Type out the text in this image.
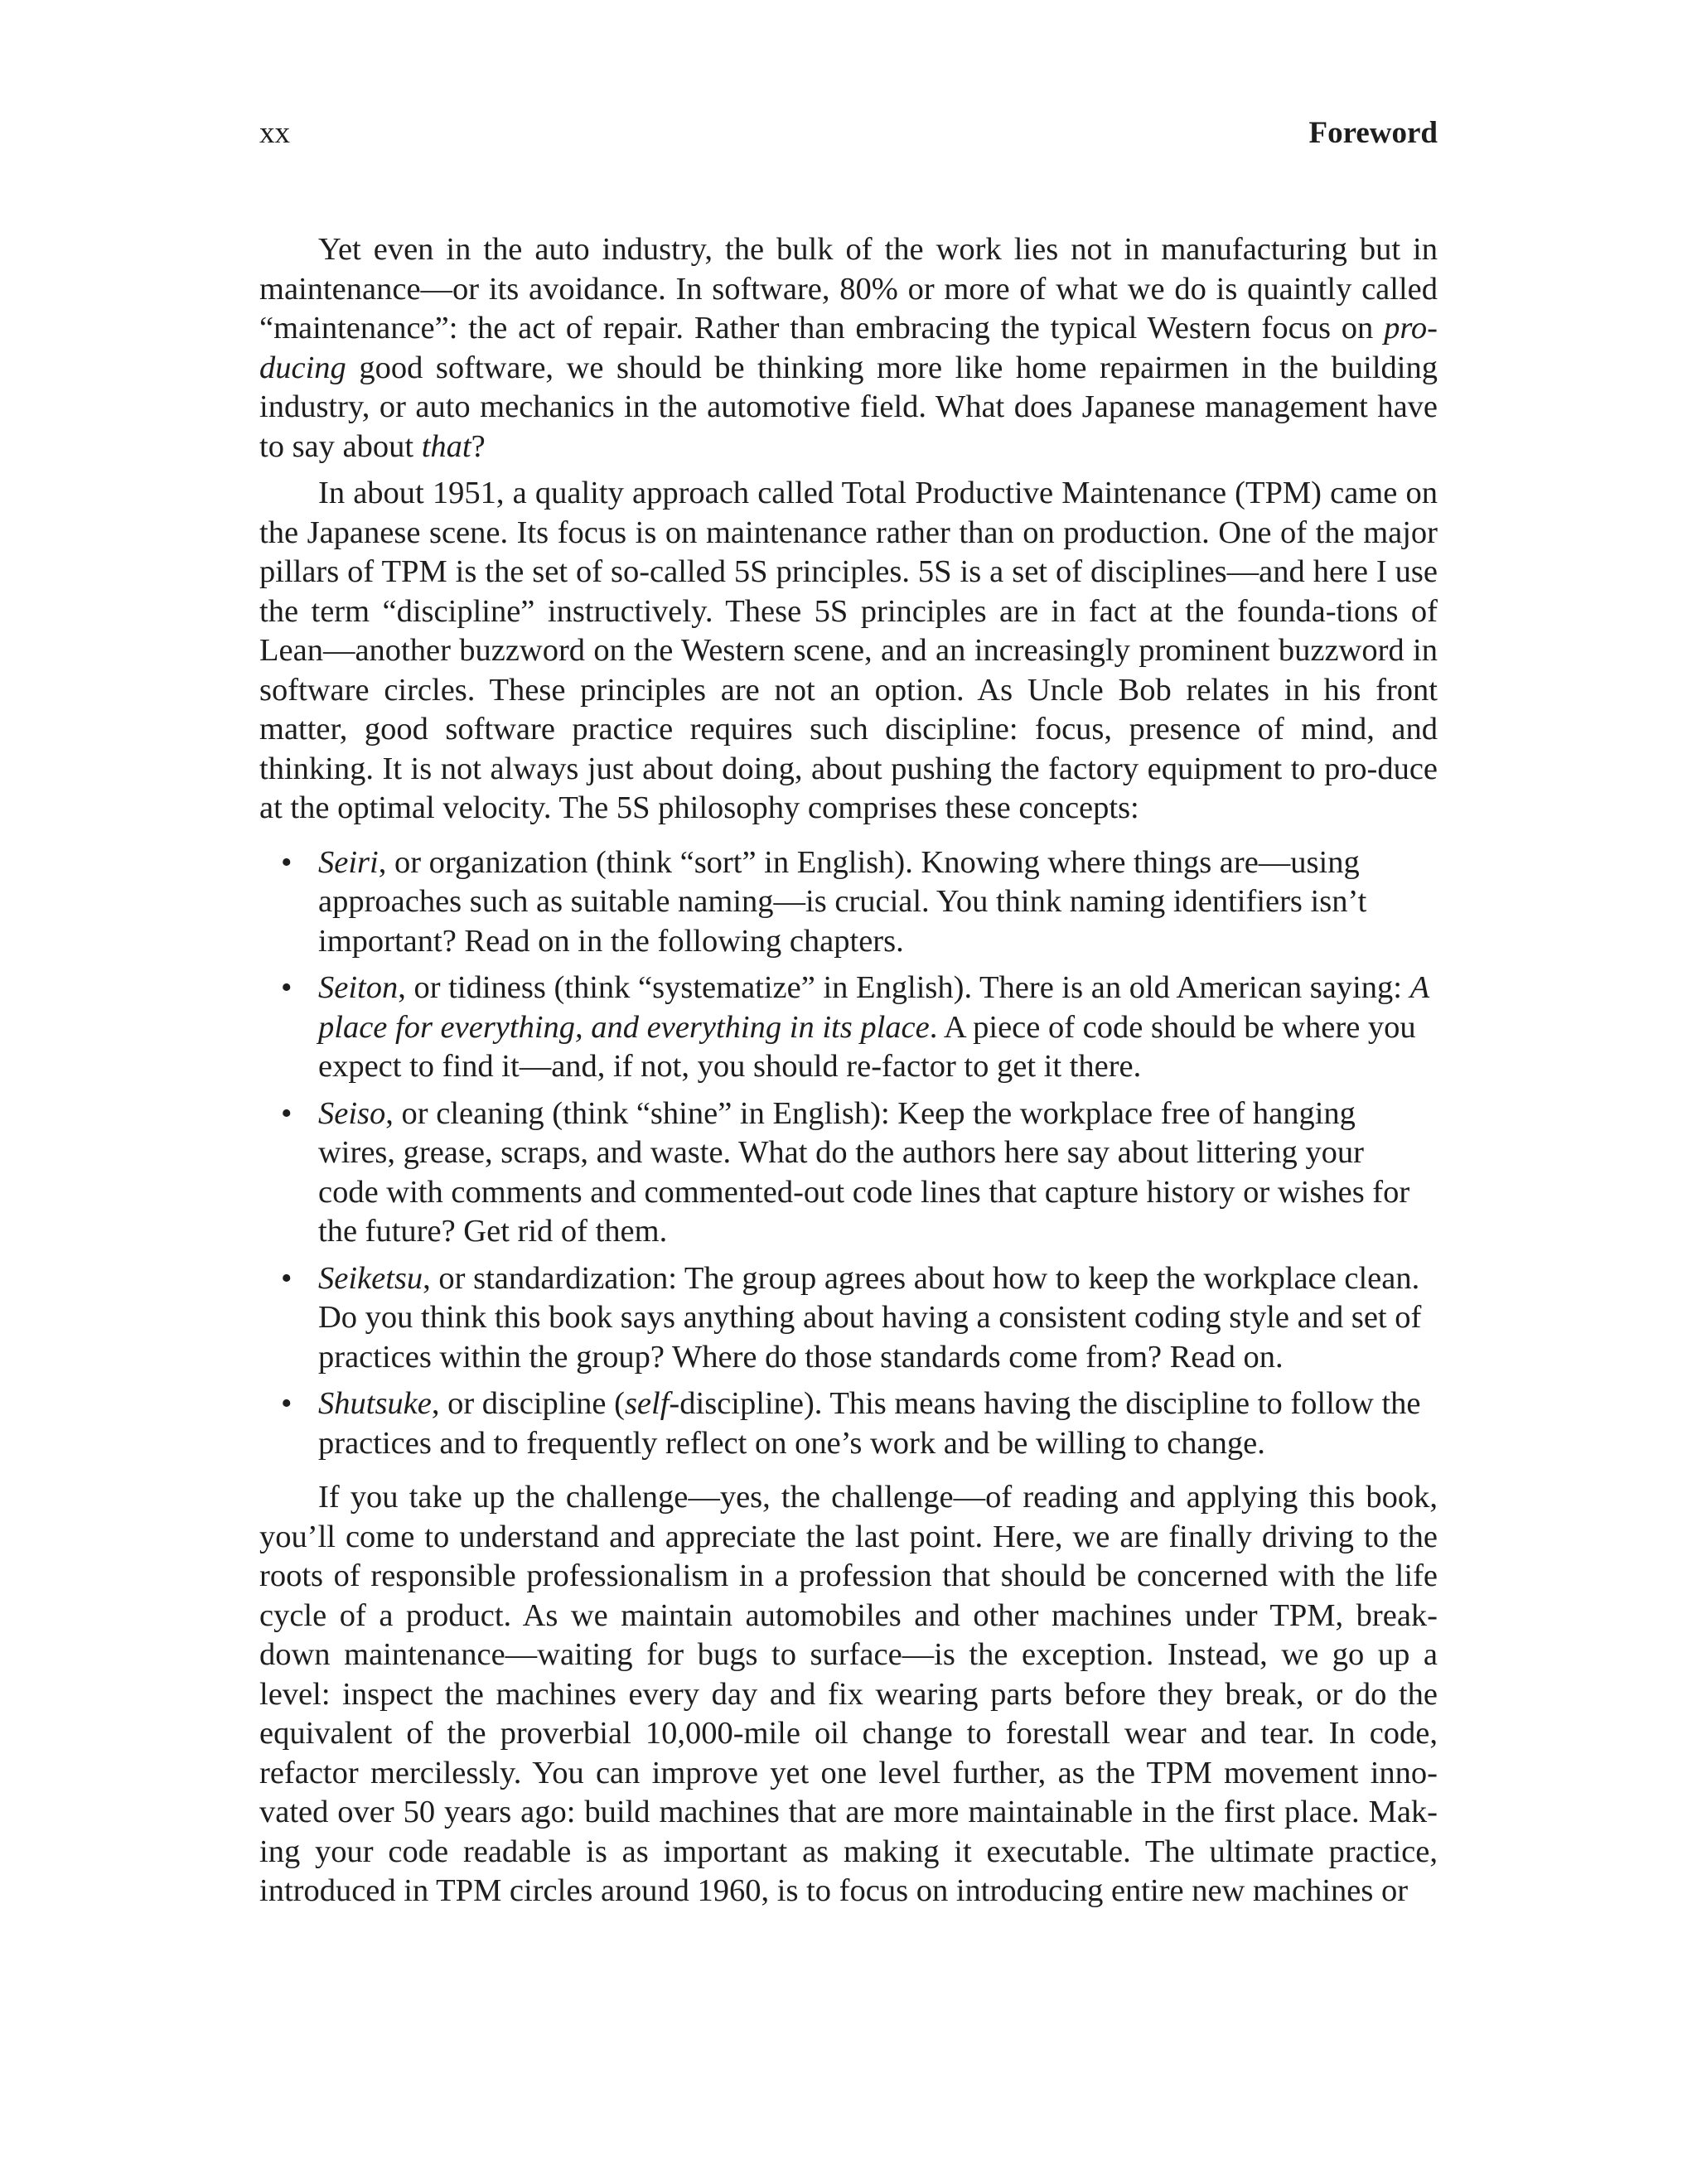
xx	Foreword

Yet even in the auto industry, the bulk of the work lies not in manufacturing but in maintenance—or its avoidance. In software, 80% or more of what we do is quaintly called “maintenance”: the act of repair. Rather than embracing the typical Western focus on pro-ducing good software, we should be thinking more like home repairmen in the building industry, or auto mechanics in the automotive field. What does Japanese management have to say about that?

In about 1951, a quality approach called Total Productive Maintenance (TPM) came on the Japanese scene. Its focus is on maintenance rather than on production. One of the major pillars of TPM is the set of so-called 5S principles. 5S is a set of disciplines—and here I use the term “discipline” instructively. These 5S principles are in fact at the founda-tions of Lean—another buzzword on the Western scene, and an increasingly prominent buzzword in software circles. These principles are not an option. As Uncle Bob relates in his front matter, good software practice requires such discipline: focus, presence of mind, and thinking. It is not always just about doing, about pushing the factory equipment to pro-duce at the optimal velocity. The 5S philosophy comprises these concepts:

• Seiri, or organization (think “sort” in English). Knowing where things are—using approaches such as suitable naming—is crucial. You think naming identifiers isn’t important? Read on in the following chapters.
• Seiton, or tidiness (think “systematize” in English). There is an old American saying: A place for everything, and everything in its place. A piece of code should be where you expect to find it—and, if not, you should re-factor to get it there.
• Seiso, or cleaning (think “shine” in English): Keep the workplace free of hanging wires, grease, scraps, and waste. What do the authors here say about littering your code with comments and commented-out code lines that capture history or wishes for the future? Get rid of them.
• Seiketsu, or standardization: The group agrees about how to keep the workplace clean. Do you think this book says anything about having a consistent coding style and set of practices within the group? Where do those standards come from? Read on.
• Shutsuke, or discipline (self-discipline). This means having the discipline to follow the practices and to frequently reflect on one’s work and be willing to change.

If you take up the challenge—yes, the challenge—of reading and applying this book, you’ll come to understand and appreciate the last point. Here, we are finally driving to the roots of responsible professionalism in a profession that should be concerned with the life cycle of a product. As we maintain automobiles and other machines under TPM, break-down maintenance—waiting for bugs to surface—is the exception. Instead, we go up a level: inspect the machines every day and fix wearing parts before they break, or do the equivalent of the proverbial 10,000-mile oil change to forestall wear and tear. In code, refactor mercilessly. You can improve yet one level further, as the TPM movement inno-vated over 50 years ago: build machines that are more maintainable in the first place. Mak-ing your code readable is as important as making it executable. The ultimate practice, introduced in TPM circles around 1960, is to focus on introducing entire new machines or
